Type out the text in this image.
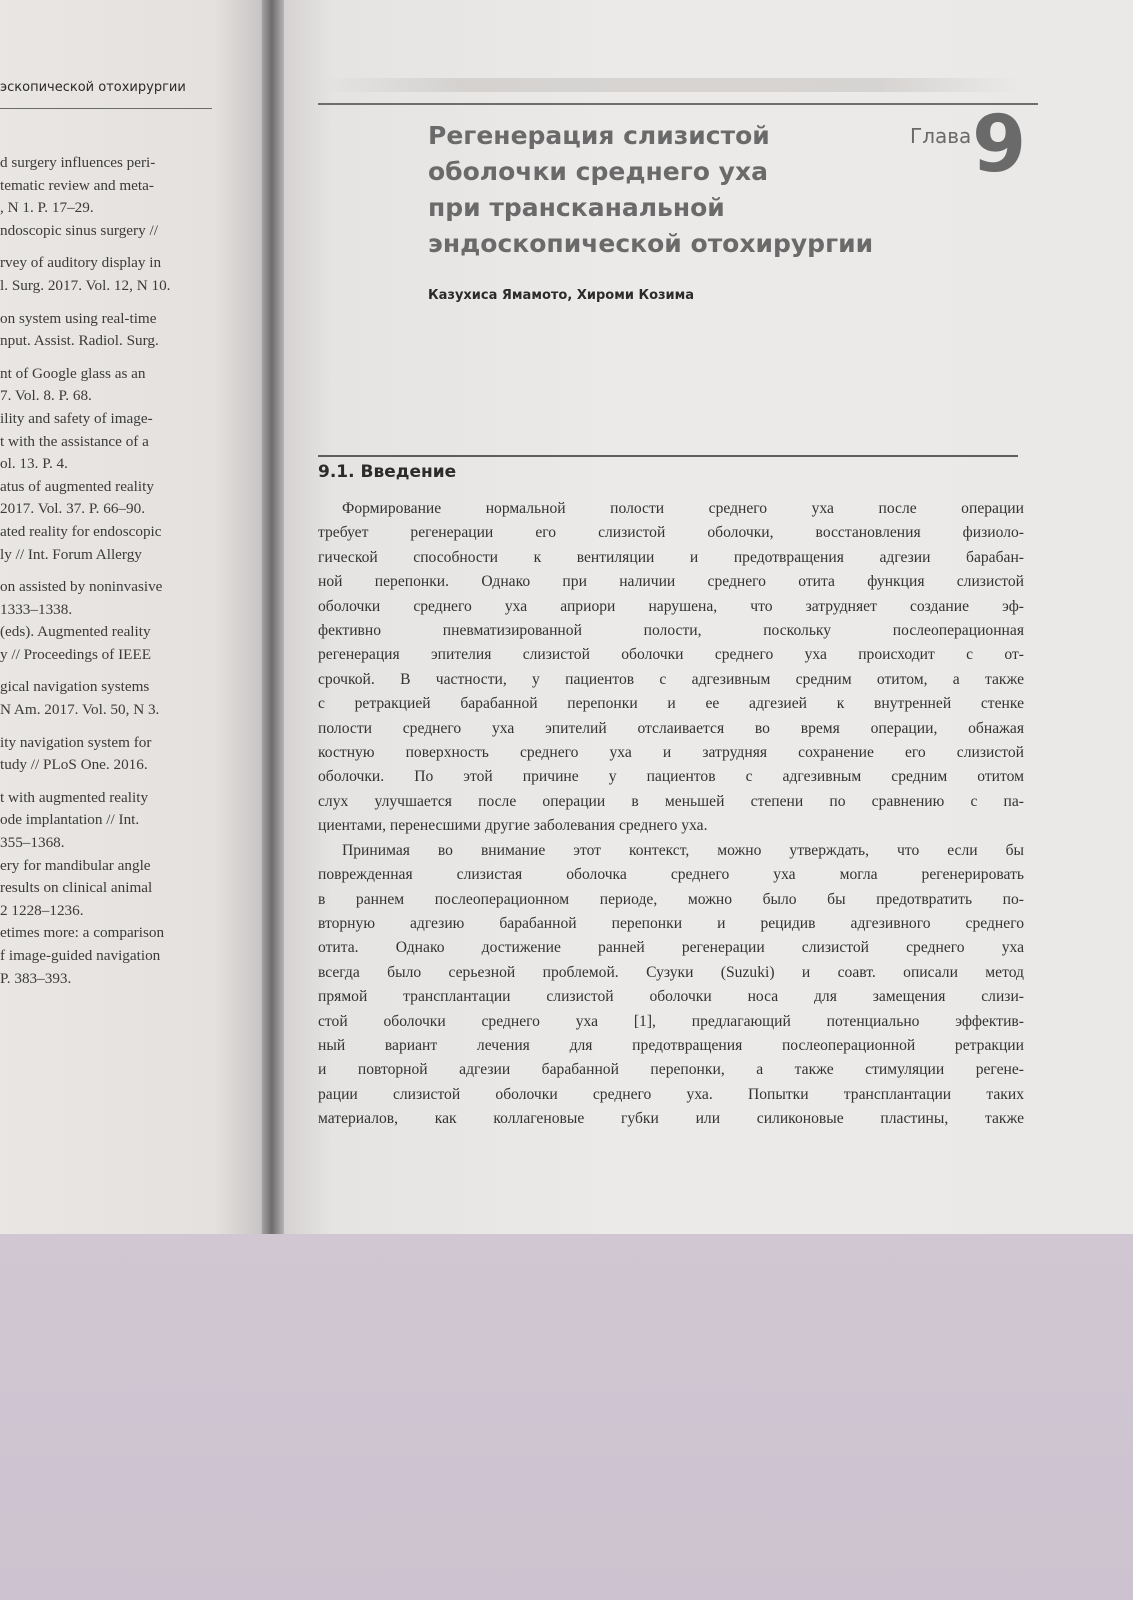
эскопической отохирургии
d surgery influences peri-
tematic review and meta-
, N 1. P. 17–29.
ndoscopic sinus surgery //
rvey of auditory display in
l. Surg. 2017. Vol. 12, N 10.
on system using real-time
nput. Assist. Radiol. Surg.
nt of Google glass as an
7. Vol. 8. P. 68.
ility and safety of image-
t with the assistance of a
ol. 13. P. 4.
atus of augmented reality
2017. Vol. 37. P. 66–90.
ated reality for endoscopic
ly // Int. Forum Allergy
on assisted by noninvasive
1333–1338.
(eds). Augmented reality
y // Proceedings of IEEE
gical navigation systems
N Am. 2017. Vol. 50, N 3.
ity navigation system for
tudy // PLoS One. 2016.
t with augmented reality
ode implantation // Int.
355–1368.
ery for mandibular angle
results on clinical animal
2 1228–1236.
etimes more: a comparison
f image-guided navigation
P. 383–393.
Регенерация слизистой
оболочки среднего уха
при трансканальной
эндоскопической отохирургии
Глава 9
Казухиса Ямамото, Хироми Козима
9.1. Введение
Формирование нормальной полости среднего уха после операции
требует регенерации его слизистой оболочки, восстановления физиоло-
гической способности к вентиляции и предотвращения адгезии барабан-
ной перепонки. Однако при наличии среднего отита функция слизистой
оболочки среднего уха априори нарушена, что затрудняет создание эф-
фективно пневматизированной полости, поскольку послеоперационная
регенерация эпителия слизистой оболочки среднего уха происходит с от-
срочкой. В частности, у пациентов с адгезивным средним отитом, а также
с ретракцией барабанной перепонки и ее адгезией к внутренней стенке
полости среднего уха эпителий отслаивается во время операции, обнажая
костную поверхность среднего уха и затрудняя сохранение его слизистой
оболочки. По этой причине у пациентов с адгезивным средним отитом
слух улучшается после операции в меньшей степени по сравнению с па-
циентами, перенесшими другие заболевания среднего уха.
Принимая во внимание этот контекст, можно утверждать, что если бы
поврежденная слизистая оболочка среднего уха могла регенерировать
в раннем послеоперационном периоде, можно было бы предотвратить по-
вторную адгезию барабанной перепонки и рецидив адгезивного среднего
отита. Однако достижение ранней регенерации слизистой среднего уха
всегда было серьезной проблемой. Сузуки (Suzuki) и соавт. описали метод
прямой трансплантации слизистой оболочки носа для замещения слизи-
стой оболочки среднего уха [1], предлагающий потенциально эффектив-
ный вариант лечения для предотвращения послеоперационной ретракции
и повторной адгезии барабанной перепонки, а также стимуляции регене-
рации слизистой оболочки среднего уха. Попытки трансплантации таких
материалов, как коллагеновые губки или силиконовые пластины, также
